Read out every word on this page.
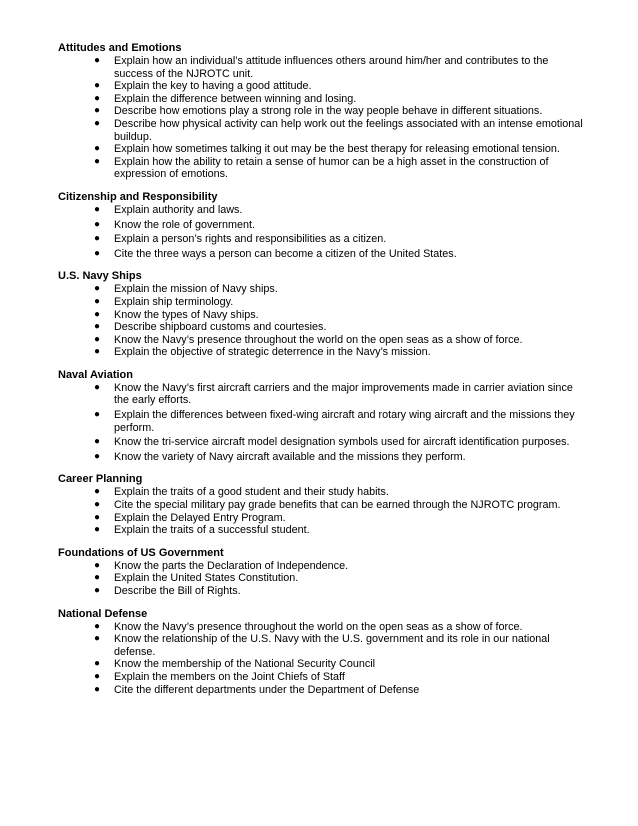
Attitudes and Emotions

● Explain how an individual’s attitude influences others around him/her and contributes to the success of the NJROTC unit.
● Explain the key to having a good attitude.
● Explain the difference between winning and losing.
● Describe how emotions play a strong role in the way people behave in different situations.
● Describe how physical activity can help work out the feelings associated with an intense emotional buildup.
● Explain how sometimes talking it out may be the best therapy for releasing emotional tension.
● Explain how the ability to retain a sense of humor can be a high asset in the construction of expression of emotions.

Citizenship and Responsibility

● Explain authority and laws.
● Know the role of government.
● Explain a person’s rights and responsibilities as a citizen.
● Cite the three ways a person can become a citizen of the United States.

U.S. Navy Ships

● Explain the mission of Navy ships.
● Explain ship terminology.
● Know the types of Navy ships.
● Describe shipboard customs and courtesies.
● Know the Navy’s presence throughout the world on the open seas as a show of force.
● Explain the objective of strategic deterrence in the Navy’s mission.

Naval Aviation

● Know the Navy’s first aircraft carriers and the major improvements made in carrier aviation since the early efforts.
● Explain the differences between fixed-wing aircraft and rotary wing aircraft and the missions they perform.
● Know the tri-service aircraft model designation symbols used for aircraft identification purposes.
● Know the variety of Navy aircraft available and the missions they perform.

Career Planning

● Explain the traits of a good student and their study habits.
● Cite the special military pay grade benefits that can be earned through the NJROTC program.
● Explain the Delayed Entry Program.
● Explain the traits of a successful student.

Foundations of US Government

● Know the parts the Declaration of Independence.
● Explain the United States Constitution.
● Describe the Bill of Rights.

National Defense

● Know the Navy’s presence throughout the world on the open seas as a show of force.
● Know the relationship of the U.S. Navy with the U.S. government and its role in our national defense.
● Know the membership of the National Security Council
● Explain the members on the Joint Chiefs of Staff
● Cite the different departments under the Department of Defense
